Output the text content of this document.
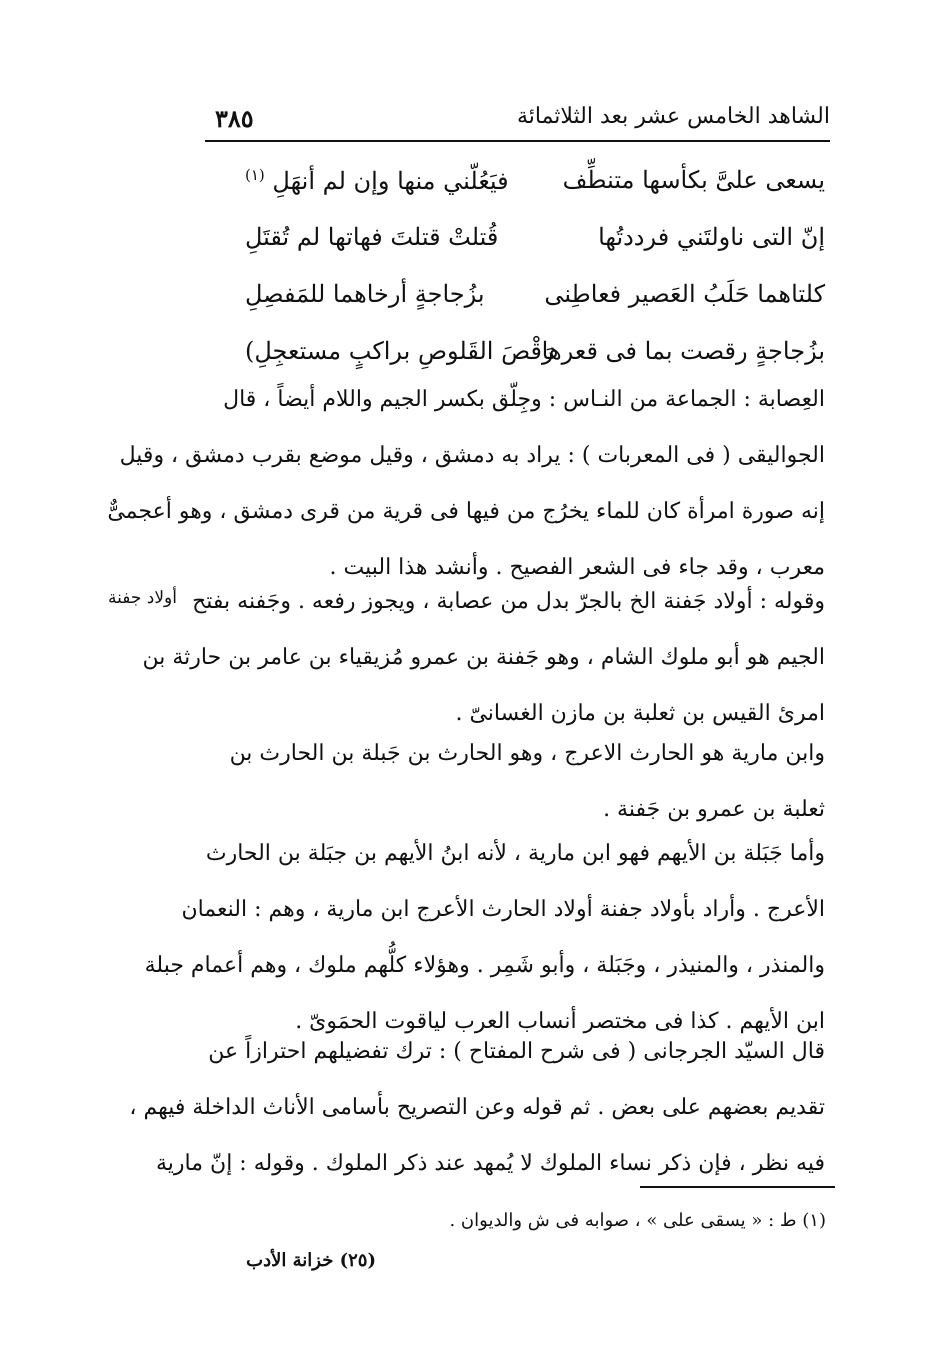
الشاهد الخامس عشر بعد الثلاثمائة
٣٨٥
يسعى علىَّ بكأسها متنطِّف
فيَعُلّني منها وإن لم أنهَلِ $^{(١)}$
إنّ التى ناولتَني فرددتُها
قُتلتْ قتلتَ فهاتها لم تُقتَلِ
كلتاهما حَلَبُ العَصير فعاطِنى
بزُجاجةٍ أرخاهما للمَفصِلِ
بزُجاجةٍ رقصت بما فى قعرها
رَقْصَ القَلوصِ براكبٍ مستعجِلِ)
العِصابة : الجماعة من النـاس : وجِلّق بكسر الجيم واللام أيضاً ، قال
الجواليقى ( فى المعربات ) : يراد به دمشق ، وقيل موضع بقرب دمشق ، وقيل
إنه صورة امرأة كان للماء يخرُج من فيها فى قرية من قرى دمشق ، وهو أعجمىٌّ
معرب ، وقد جاء فى الشعر الفصيح . وأنشد هذا البيت .
أولاد جفنة وقوله : أولاد جَفنة الخ بالجرّ بدل من عصابة ، ويجوز رفعه . وجَفنه بفتح
الجيم هو أبو ملوك الشام ، وهو جَفنة بن عمرو مُزيقياء بن عامر بن حارثة بن
امرئ القيس بن ثعلبة بن مازن الغسانىّ .
وابن مارية هو الحارث الاعرج ، وهو الحارث بن جَبلة بن الحارث بن
ثعلبة بن عمرو بن جَفنة .
وأما جَبَلة بن الأيهم فهو ابن مارية ، لأنه ابنُ الأيهم بن جبَلة بن الحارث
الأعرج . وأراد بأولاد جفنة أولاد الحارث الأعرج ابن مارية ، وهم : النعمان
والمنذر ، والمنيذر ، وجَبَلة ، وأبو شَمِر . وهؤلاء كلُّهم ملوك ، وهم أعمام جبلة
ابن الأيهم . كذا فى مختصر أنساب العرب لياقوت الحمَوىّ .
قال السيّد الجرجانى ( فى شرح المفتاح ) : ترك تفضيلهم احترازاً عن
تقديم بعضهم على بعض . ثم قوله وعن التصريح بأسامى الأناث الداخلة فيهم ،
فيه نظر ، فإن ذكر نساء الملوك لا يُمهد عند ذكر الملوك . وقوله : إنّ مارية
(١) ط : « يسقى على » ، صوابه فى ش والديوان .
(٢٥) خزانة الأدب
